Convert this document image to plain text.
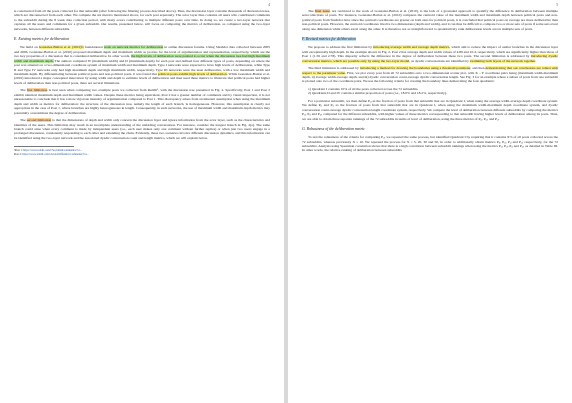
4

is constructed from all the posts collected for that subreddit (after following the filtering process described above). Thus, the discussion layer contains thousands of discussion trees, which are disconnected from each other. We compute the six metrics mentioned above, for each post separately. The actor layer thus contains all users who contributed comments to the subreddit during the 8 week data collection period, with many actors contributing to multiple different posts over time. In doing so, we create a two-layer network that captures all the users and comments for a given subreddit. Our results, presented below, will focus on comparing the metrics of deliberation, as computed using the two-layer networks, between different subreddits.

E. Existing metrics for deliberation

We build on Gonzalez-Bailon et al. (2010)'s foundational work on network metrics for deliberation in online discussion forums. Using Slashdot data collected between 2005 and 2006, Gonzalez-Bailon et al. (2010) proposed maximum depth and maximum width as proxies for the level of argumentation and representation, respectively, which are the two key properties of a discussion that is considered deliberative. In other words, the high levels of deliberation were posited to occur when the discussion tree had high maximum width and maximum depth. The authors computed W (maximum width) and D (maximum depth) for each post and defined four different types of posts, depending on where the post was situated on a two-dimensional coordinate system of maximum width and maximum depth. Type I networks were expected to have high levels of deliberation, while Type II and Type IV networks only had high maximum depth and high maximum width, respectively. Type III networks were the least deliberative, with a low maximum width and maximum depth. By differentiating between political posts and non-political posts, it was found that political posts exhibit high levels of deliberation. While Gonzalez-Bailon et al. (2010) introduced a major conceptual innovation by using width and depth to estimate levels of deliberation and then used these metrics to illustrate that political posts had higher levels of deliberation than non-political posts, there are several limitations.

The first limitation is best seen when comparing two example posts we collected from Reddit¹, with the discussion tree presented in Fig. 2. Specifically, Post 1 and Post 2 exhibit identical maximum depth and maximum width values. Despite these metrics being equivalent, Post 2 has a greater number of comments and by visual inspection, it is not unreasonable to conclude that it has a more vigorous intensity of argumentation compared to Post 1. This discrepancy arises from an inherent assumption when using the maximum depth and width as metrics for deliberation: the structure of the discussion tree, namely the length of each branch, is homogeneous. However, this assumption is clearly not appropriate in the case of Post 1, where branches are highly heterogeneous in length. Consequently, in such networks, the use of maximum width and maximum depth metrics may potentially overestimate the degree of deliberation.

The second limitation is that the dimensions of depth and width only concern the discussion layer and ignore information from the actor layer, such as the characteristics and identities of the users. This limitation may result in an incomplete understanding of the unfolding conversation. For instance, consider the longest branch in Fig. 2(a). The same branch could arise when every comment is made by independent users (i.e., each user makes only one comment without further replies) or when just two users engage in a prolonged discussion, consistently responding to each other and extending the chain. Evidently, these two scenarios involve different discussion dynamics, and this information can be identified using the two-layer network and the associated dyadic conversation count and length metrics, which we will explain below.

¹Post 1: https://www.reddit.com/r/Socialism/comments/7ot...

Post 2: https://www.reddit.com/r/GlobalOffensive/comments/7ot...

5

The final issue, not restricted to the work of Gonzalez-Bailon et al. (2010), is the lack of a grounded approach to quantify the difference in deliberation between multiple sets/collections of posts. For instance, Gonzalez-Bailon et al. (2010) compares the centroid value of the maximum width and maximum depth between political posts and non-political posts from Slashdot data; since the centroid coordinates are greater on both axes for political posts, it is concluded that political posts on average are more deliberative than non-political posts. However, the centroid coordinates involve two dimensions (depth and width), and it can thus be difficult to compare two or more sets of posts if some sets excel along one dimension while others excel along the other. It is therefore not as straightforward to quantitatively rank deliberation levels across multiple sets of posts.

F. Revised metrics for deliberation

We propose to address the first limitation by introducing average width and average depth metrics, which aim to reduce the impact of outlier branches in the discussion layer with exceptionally high depth. In the example shown in Fig. 2, Post 2 has average depth and width values of 4.89 and 10.4, respectively, which are significantly higher than those of Post 1 (1.56 and 2.78). This disparity reflects the difference in the degree of deliberation between these two posts. The second limitation is addressed by introducing dyadic conversation metrics, which are possible only by using the two-layer model, as dyadic conversations are identified by examining both layers of the network together.

The third limitation is addressed by introducing a method for drawing the boundaries using a threshold parameter, and then demonstrating that our conclusions are robust with respect to the parameter value. First, we plot every post from all 72 subreddits onto a two-dimensional scatter plot, with X – Y coordinate pairs being (maximum width-maximum depth, ii) average width-average depth, and iii) dyadic conversation count-average dyadic conversation length. See Fig. 3 for an example where a subset of posts from one subreddit is plotted onto two of the coordinate pairs. We use the following criteria for creating the boundary lines demarcating the four quadrants:

1) Quadrant I contains 10% of all the posts collected across the 72 subreddits.
2) Quadrants II and IV contain a similar proportion of posts (i.e., 18.0% and 18.2%, respectively).

For a particular subreddit, we then define Pᵢⱼ as the fraction of posts from that subreddit that are in Quadrant I, when using the average width-average depth coordinate system. We define Pᵢⱼ and Pᵢⱼ as the fraction of posts from that subreddit that are in Quadrant I, when using the maximum width-maximum depth coordinate system, and dyadic conversation count-average dyadic conversation length coordinate system, respectively. We compare the level of deliberation between different subreddits by comparing the metrics Pᵢⱼ, Pᵢⱼ and Pᵢⱼ, computed for the different subreddits, with higher values of these metrics corresponding to that subreddit having higher levels of deliberation among its posts. Thus, we are able to obtain three separate rankings of the 72 subreddits in terms of level of deliberation, using the three metrics of Pᵢⱼ, Pᵢⱼ, and Pᵢⱼ.

G. Robustness of the deliberation metric

To test the robustness of the criteria for computing Pᵢⱼ, we repeated the same process, but identified Quadrant I by requiring that it contains X% of all posts collected across the 72 subreddits, whereas previously X = 10. We repeated the process for X = 5, 20, 30 and 50, in order to additionally obtain metrics Pᵢⱼ, Pᵢⱼ, Pᵢⱼ and Pᵢⱼ, respectively, for the 72 subreddits. Analysis using Spearman correlation shows that there is a high correlation between subreddit rankings when using the metrics Pᵢⱼ, Pᵢⱼ, Pᵢⱼ and Pᵢⱼ, as detailed in Table III. In other words, the relative ranking of deliberation between subreddits
